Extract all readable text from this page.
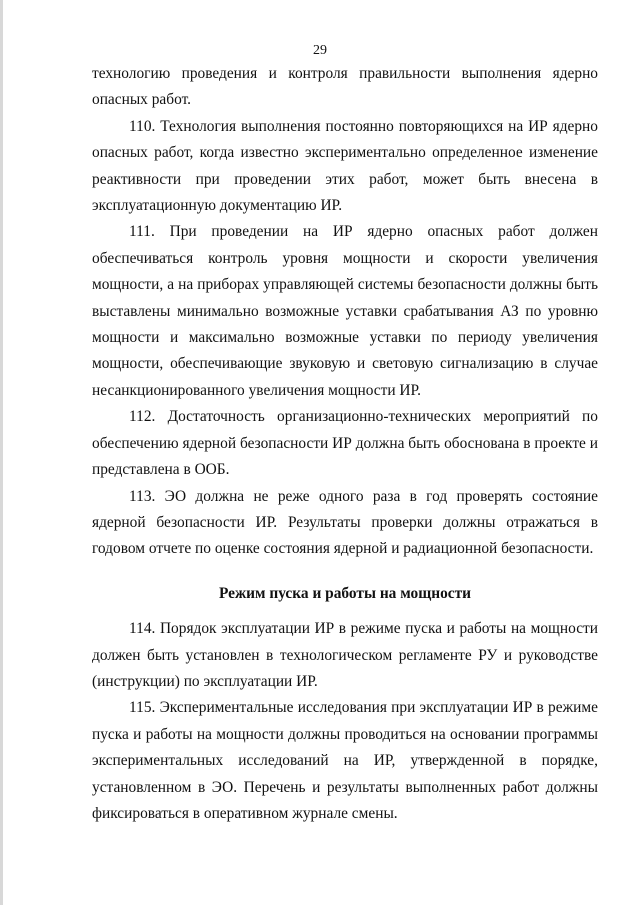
29

технологию проведения и контроля правильности выполнения ядерно опасных работ.

110. Технология выполнения постоянно повторяющихся на ИР ядерно опасных работ, когда известно экспериментально определенное изменение реактивности при проведении этих работ, может быть внесена в эксплуатационную документацию ИР.

111. При проведении на ИР ядерно опасных работ должен обеспечиваться контроль уровня мощности и скорости увеличения мощности, а на приборах управляющей системы безопасности должны быть выставлены минимально возможные уставки срабатывания АЗ по уровню мощности и максимально возможные уставки по периоду увеличения мощности, обеспечивающие звуковую и световую сигнализацию в случае несанкционированного увеличения мощности ИР.

112. Достаточность организационно-технических мероприятий по обеспечению ядерной безопасности ИР должна быть обоснована в проекте и представлена в ООБ.

113. ЭО должна не реже одного раза в год проверять состояние ядерной безопасности ИР. Результаты проверки должны отражаться в годовом отчете по оценке состояния ядерной и радиационной безопасности.

Режим пуска и работы на мощности

114. Порядок эксплуатации ИР в режиме пуска и работы на мощности должен быть установлен в технологическом регламенте РУ и руководстве (инструкции) по эксплуатации ИР.

115. Экспериментальные исследования при эксплуатации ИР в режиме пуска и работы на мощности должны проводиться на основании программы экспериментальных исследований на ИР, утвержденной в порядке, установленном в ЭО. Перечень и результаты выполненных работ должны фиксироваться в оперативном журнале смены.
